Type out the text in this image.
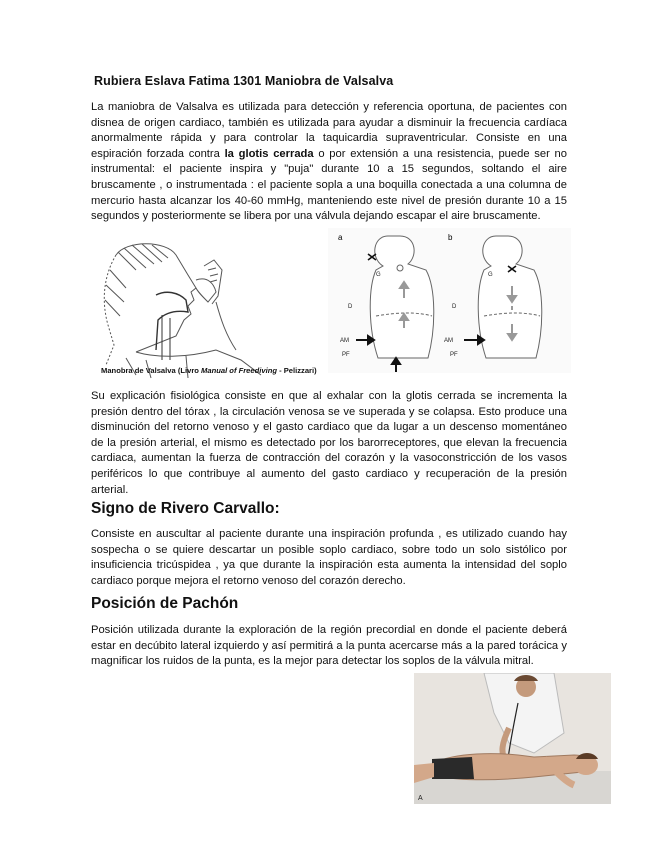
Rubiera Eslava Fatima 1301 Maniobra de Valsalva

La maniobra de Valsalva es utilizada para detección y referencia oportuna, de pacientes con disnea de origen cardiaco, también es utilizada para ayudar a disminuir la frecuencia cardíaca anormalmente rápida y para controlar la taquicardia supraventricular. Consiste en una espiración forzada contra la glotis cerrada o por extensión a una resistencia, puede ser no instrumental: el paciente inspira y "puja" durante 10 a 15 segundos, soltando el aire bruscamente , o instrumentada : el paciente sopla a una boquilla conectada a una columna de mercurio hasta alcanzar los 40-60 mmHg, manteniendo este nivel de presión durante 10 a 15 segundos y posteriormente se libera por una válvula dejando escapar el aire bruscamente.

Manobra de Valsalva (Livro Manual of Freediving - Pelizzari)
a	b
G
D
AM
PF
G
D
AM
PF

Su explicación fisiológica consiste en que al exhalar con la glotis cerrada se incrementa la presión dentro del tórax , la circulación venosa se ve superada y se colapsa. Esto produce una disminución del retorno venoso y el gasto cardiaco que da lugar a un descenso momentáneo de la presión arterial, el mismo es detectado por los barorreceptores, que elevan la frecuencia cardiaca, aumentan la fuerza de contracción del corazón y la vasoconstricción de los vasos periféricos lo que contribuye al aumento del gasto cardiaco y recuperación de la presión arterial.

Signo de Rivero Carvallo:

Consiste en auscultar al paciente durante una inspiración profunda , es utilizado cuando hay sospecha o se quiere descartar un posible soplo cardiaco, sobre todo un solo sistólico por insuficiencia tricúspidea , ya que durante la inspiración esta aumenta la intensidad del soplo cardiaco porque mejora el retorno venoso del corazón derecho.

Posición de Pachón

Posición utilizada durante la exploración de la región precordial en donde el paciente deberá estar en decúbito lateral izquierdo y así permitirá a la punta acercarse más a la pared torácica y magnificar los ruidos de la punta, es la mejor para detectar los soplos de la válvula mitral.

A
